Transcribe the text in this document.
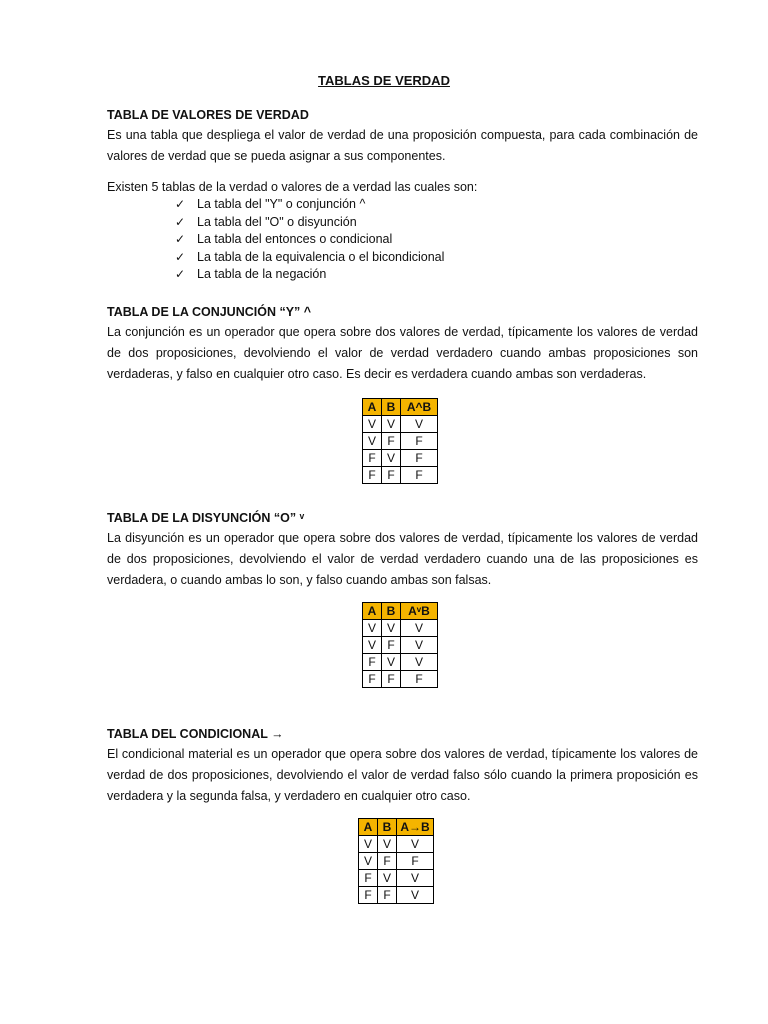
TABLAS DE VERDAD
TABLA DE VALORES DE VERDAD
Es una tabla que despliega el valor de verdad de una proposición compuesta, para cada combinación de valores de verdad que se pueda asignar a sus componentes.
Existen 5 tablas de la verdad o valores de a verdad las cuales son:
✓ La tabla del "Y" o conjunción ^
✓ La tabla del "O" o disyunción
✓ La tabla del entonces o condicional
✓ La tabla de la equivalencia o el bicondicional
✓ La tabla de la negación
TABLA DE LA CONJUNCIÓN “Y” ^
La conjunción es un operador que opera sobre dos valores de verdad, típicamente los valores de verdad de dos proposiciones, devolviendo el valor de verdad verdadero cuando ambas proposiciones son verdaderas, y falso en cualquier otro caso. Es decir es verdadera cuando ambas son verdaderas.
A	B	A^B
V	V	V
V	F	F
F	V	F
F	F	F
TABLA DE LA DISYUNCIÓN “O” ᵛ
La disyunción es un operador que opera sobre dos valores de verdad, típicamente los valores de verdad de dos proposiciones, devolviendo el valor de verdad verdadero cuando una de las proposiciones es verdadera, o cuando ambas lo son, y falso cuando ambas son falsas.
A	B	AᵛB
V	V	V
V	F	V
F	V	V
F	F	F
TABLA DEL CONDICIONAL →
El condicional material es un operador que opera sobre dos valores de verdad, típicamente los valores de verdad de dos proposiciones, devolviendo el valor de verdad falso sólo cuando la primera proposición es verdadera y la segunda falsa, y verdadero en cualquier otro caso.
A	B	A→B
V	V	V
V	F	F
F	V	V
F	F	V
